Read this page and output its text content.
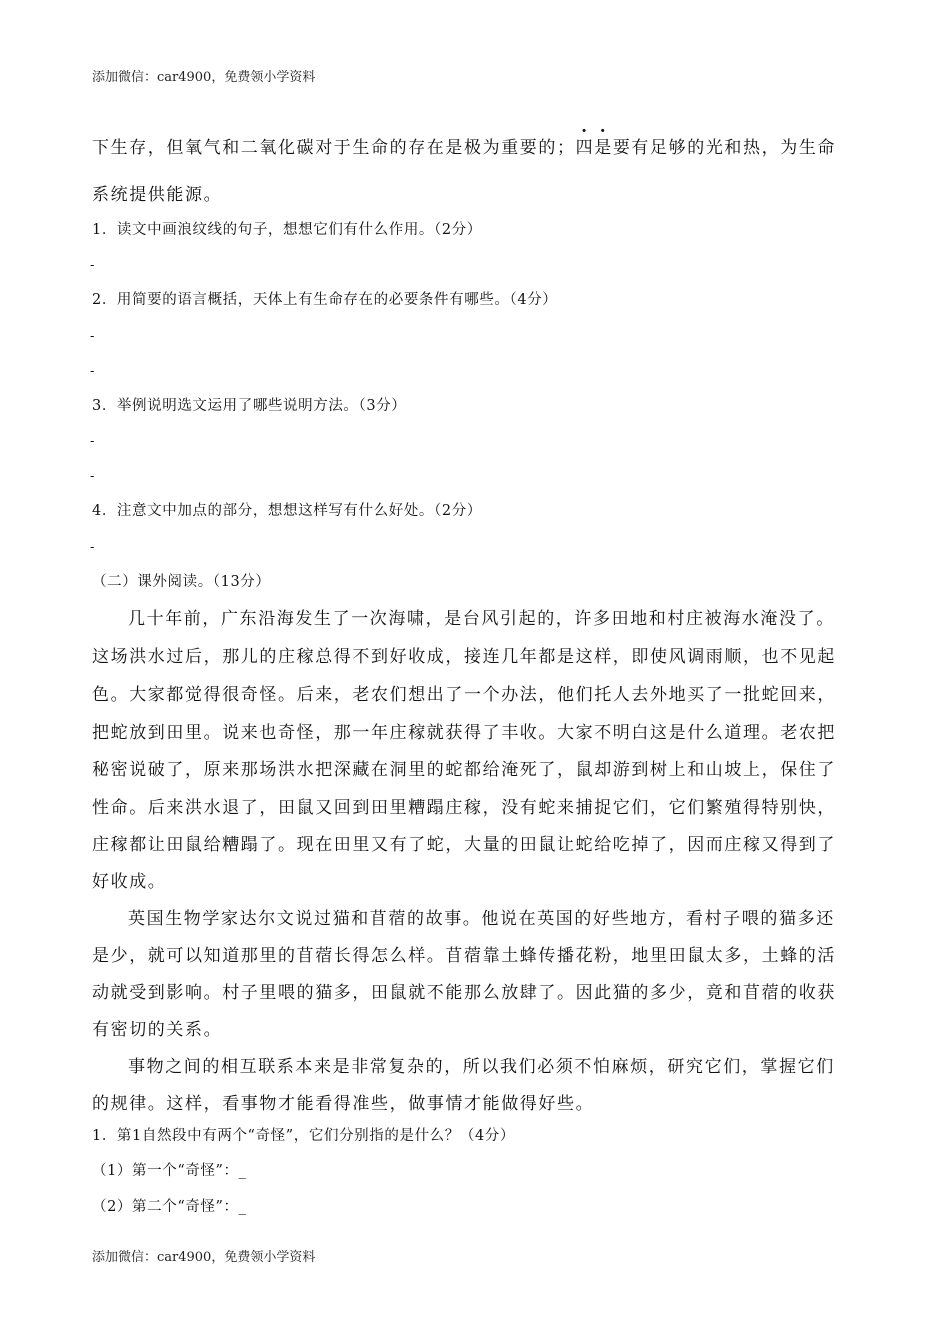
添加微信：car4900，免费领小学资料
下生存，但氧气和二氧化碳对于生命的存在是极为重要的；四是要有足够的光和热，为生命
系统提供能源。
1．读文中画浪纹线的句子，想想它们有什么作用。（2分）
-
2．用简要的语言概括，天体上有生命存在的必要条件有哪些。（4分）
-
-
3．举例说明选文运用了哪些说明方法。（3分）
-
-
4．注意文中加点的部分，想想这样写有什么好处。（2分）
-
（二）课外阅读。（13分）
几十年前，广东沿海发生了一次海啸，是台风引起的，许多田地和村庄被海水淹没了。
这场洪水过后，那儿的庄稼总得不到好收成，接连几年都是这样，即使风调雨顺，也不见起
色。大家都觉得很奇怪。后来，老农们想出了一个办法，他们托人去外地买了一批蛇回来，
把蛇放到田里。说来也奇怪，那一年庄稼就获得了丰收。大家不明白这是什么道理。老农把
秘密说破了，原来那场洪水把深藏在洞里的蛇都给淹死了，鼠却游到树上和山坡上，保住了
性命。后来洪水退了，田鼠又回到田里糟蹋庄稼，没有蛇来捕捉它们，它们繁殖得特别快，
庄稼都让田鼠给糟蹋了。现在田里又有了蛇，大量的田鼠让蛇给吃掉了，因而庄稼又得到了
好收成。
英国生物学家达尔文说过猫和苜蓿的故事。他说在英国的好些地方，看村子喂的猫多还
是少，就可以知道那里的苜蓿长得怎么样。苜蓿靠土蜂传播花粉，地里田鼠太多，土蜂的活
动就受到影响。村子里喂的猫多，田鼠就不能那么放肆了。因此猫的多少，竟和苜蓿的收获
有密切的关系。
事物之间的相互联系本来是非常复杂的，所以我们必须不怕麻烦，研究它们，掌握它们
的规律。这样，看事物才能看得准些，做事情才能做得好些。
1．第1自然段中有两个“奇怪”，它们分别指的是什么？（4分）
（1）第一个“奇怪”：_
（2）第二个“奇怪”：_
添加微信：car4900，免费领小学资料
